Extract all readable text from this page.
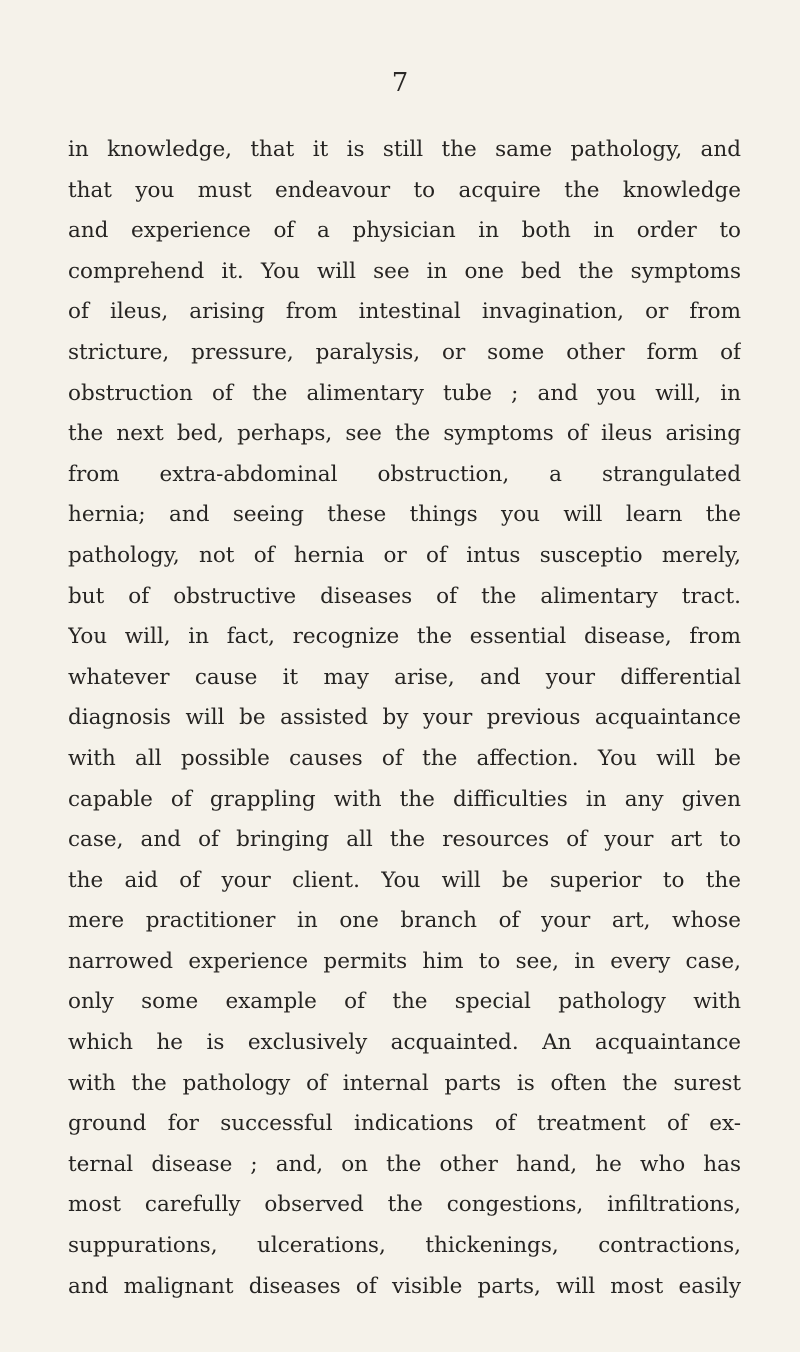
7
in knowledge, that it is still the same pathology, and
that you must endeavour to acquire the knowledge
and experience of a physician in both in order to
comprehend it. You will see in one bed the symptoms
of ileus, arising from intestinal invagination, or from
stricture, pressure, paralysis, or some other form of
obstruction of the alimentary tube ; and you will, in
the next bed, perhaps, see the symptoms of ileus arising
from extra-abdominal obstruction, a strangulated
hernia; and seeing these things you will learn the
pathology, not of hernia or of intus susceptio merely,
but of obstructive diseases of the alimentary tract.
You will, in fact, recognize the essential disease, from
whatever cause it may arise, and your differential
diagnosis will be assisted by your previous acquaintance
with all possible causes of the affection. You will be
capable of grappling with the difficulties in any given
case, and of bringing all the resources of your art to
the aid of your client. You will be superior to the
mere practitioner in one branch of your art, whose
narrowed experience permits him to see, in every case,
only some example of the special pathology with
which he is exclusively acquainted. An acquaintance
with the pathology of internal parts is often the surest
ground for successful indications of treatment of ex-
ternal disease ; and, on the other hand, he who has
most carefully observed the congestions, infiltrations,
suppurations, ulcerations, thickenings, contractions,
and malignant diseases of visible parts, will most easily
